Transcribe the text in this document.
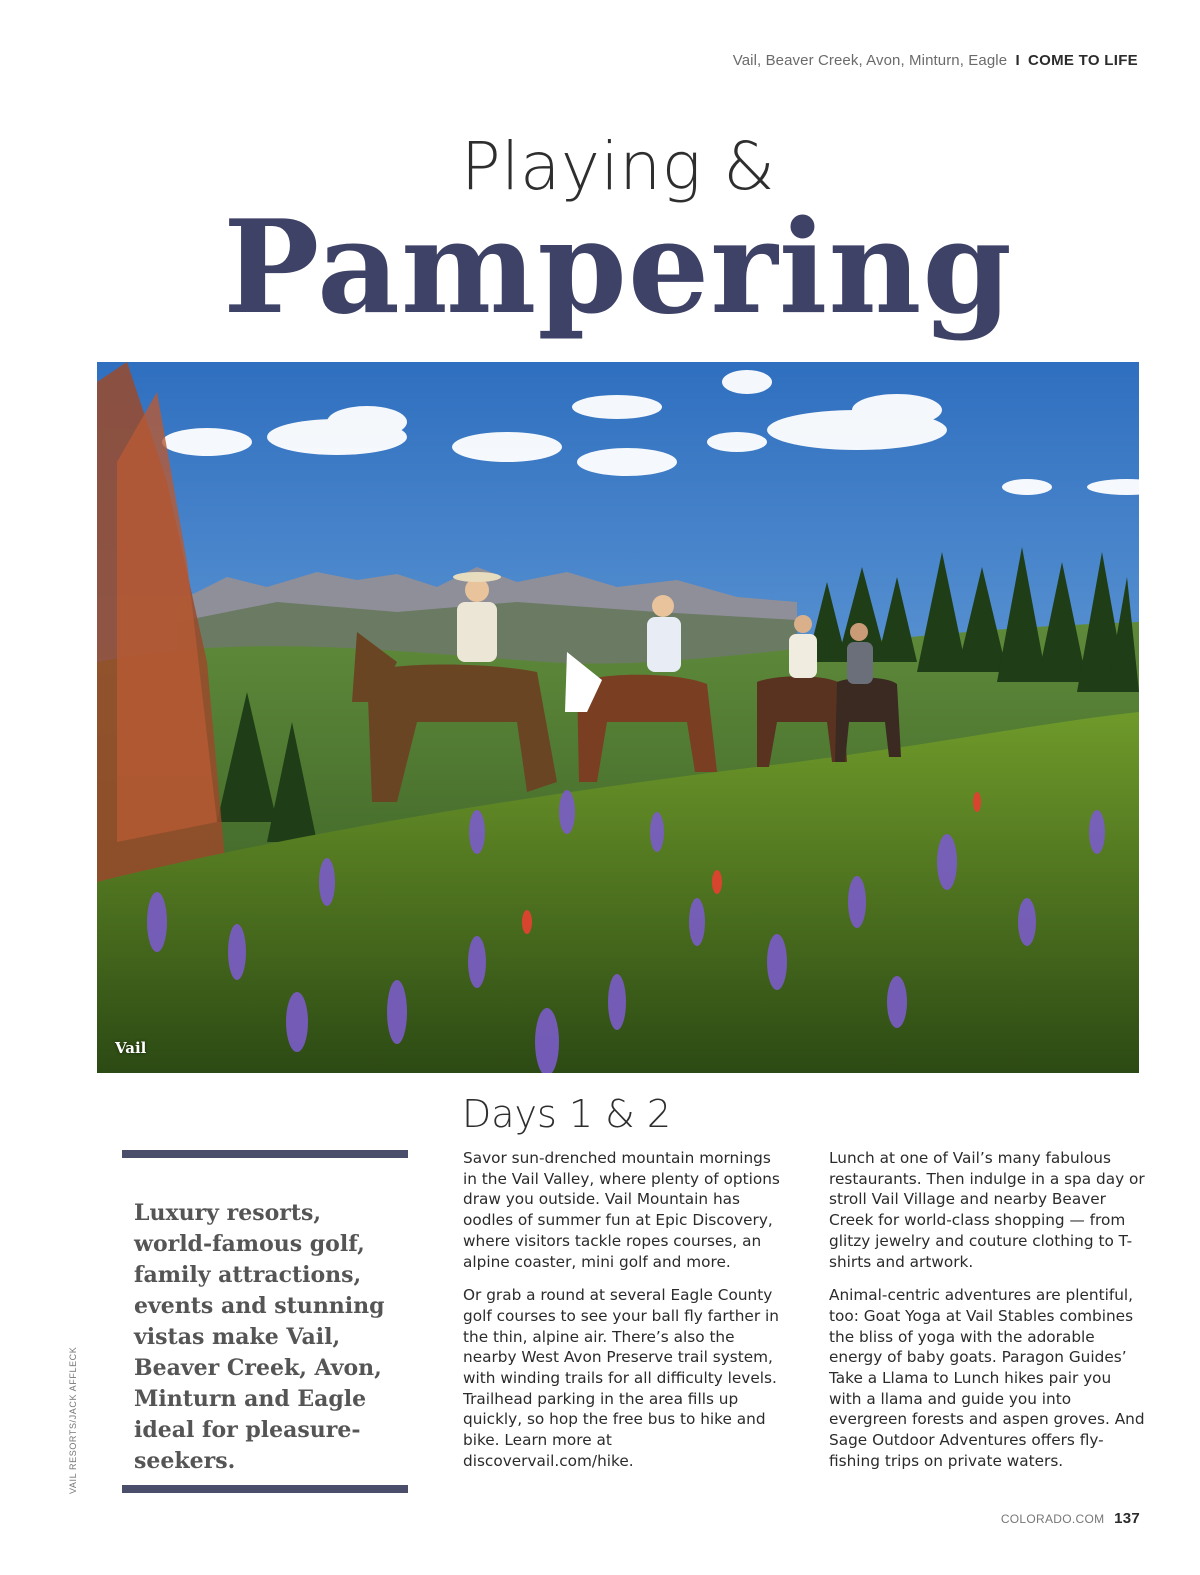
Vail, Beaver Creek, Avon, Minturn, Eagle I COME TO LIFE
Playing &
Pampering
Vail
Luxury resorts, world-famous golf, family attractions, events and stunning vistas make Vail, Beaver Creek, Avon, Minturn and Eagle ideal for pleasure-seekers.
VAIL RESORTS/JACK AFFLECK
Days 1 & 2

Savor sun-drenched mountain mornings in the Vail Valley, where plenty of options draw you outside. Vail Mountain has oodles of summer fun at Epic Discovery, where visitors tackle ropes courses, an alpine coaster, mini golf and more.

Or grab a round at several Eagle County golf courses to see your ball fly farther in the thin, alpine air. There’s also the nearby West Avon Preserve trail system, with winding trails for all difficulty levels. Trailhead parking in the area fills up quickly, so hop the free bus to hike and bike. Learn more at discovervail.com/hike.

Lunch at one of Vail’s many fabulous restaurants. Then indulge in a spa day or stroll Vail Village and nearby Beaver Creek for world-class shopping — from glitzy jewelry and couture clothing to T-shirts and artwork.

Animal-centric adventures are plentiful, too: Goat Yoga at Vail Stables combines the bliss of yoga with the adorable energy of baby goats. Paragon Guides’ Take a Llama to Lunch hikes pair you with a llama and guide you into evergreen forests and aspen groves. And Sage Outdoor Adventures offers fly-fishing trips on private waters.

COLORADO.COM 137
